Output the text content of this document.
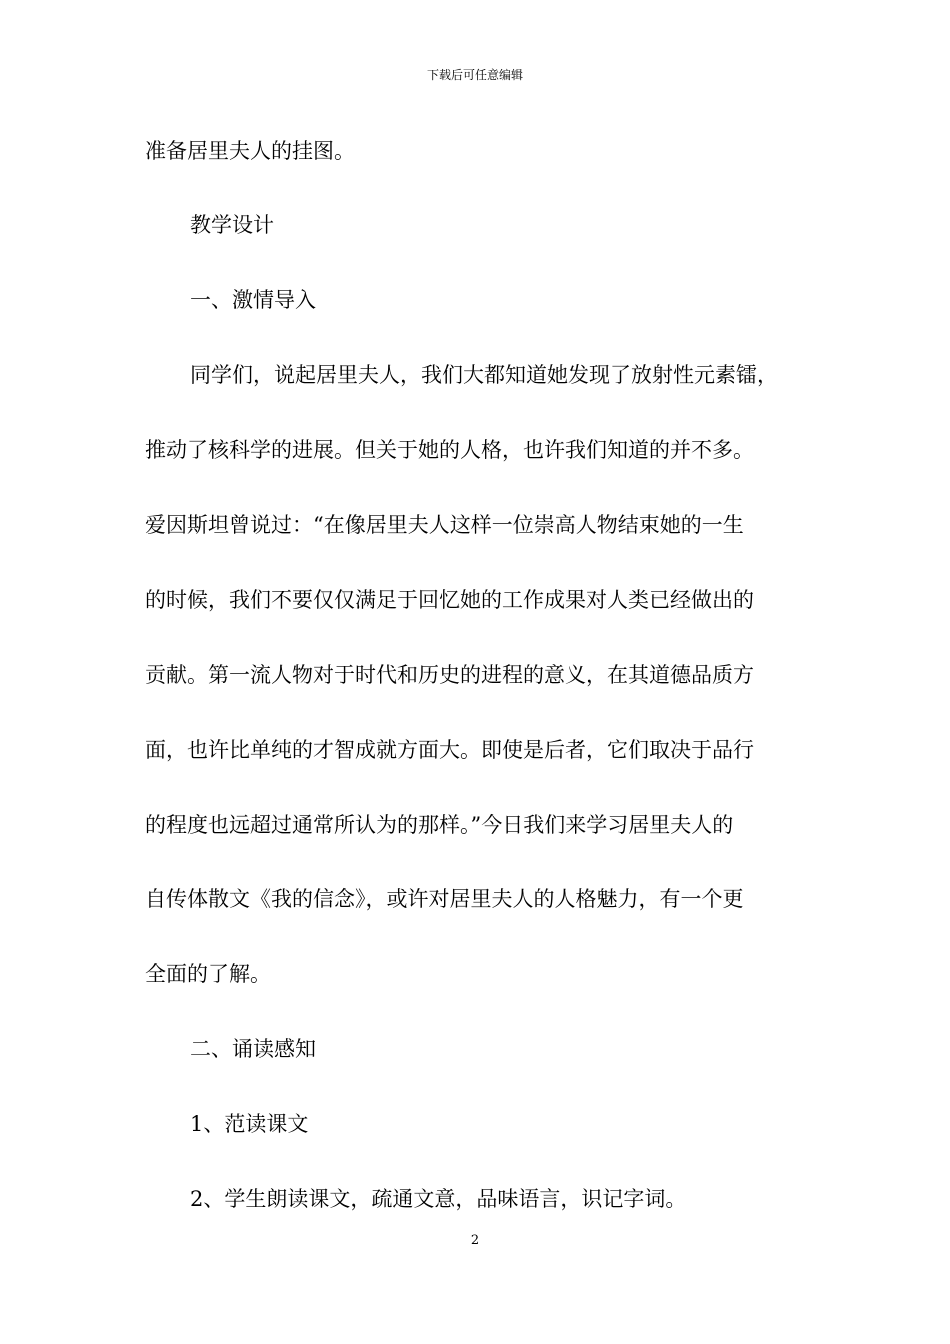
下载后可任意编辑
准备居里夫人的挂图。
教学设计
一、激情导入
同学们，说起居里夫人，我们大都知道她发现了放射性元素镭，
推动了核科学的进展。但关于她的人格，也许我们知道的并不多。
爱因斯坦曾说过：“在像居里夫人这样一位崇高人物结束她的一生
的时候，我们不要仅仅满足于回忆她的工作成果对人类已经做出的
贡献。第一流人物对于时代和历史的进程的意义，在其道德品质方
面，也许比单纯的才智成就方面大。即使是后者，它们取决于品行
的程度也远超过通常所认为的那样。”今日我们来学习居里夫人的
自传体散文《我的信念》，或许对居里夫人的人格魅力，有一个更
全面的了解。
二、诵读感知
1、范读课文
2、学生朗读课文，疏通文意，品味语言，识记字词。
2
